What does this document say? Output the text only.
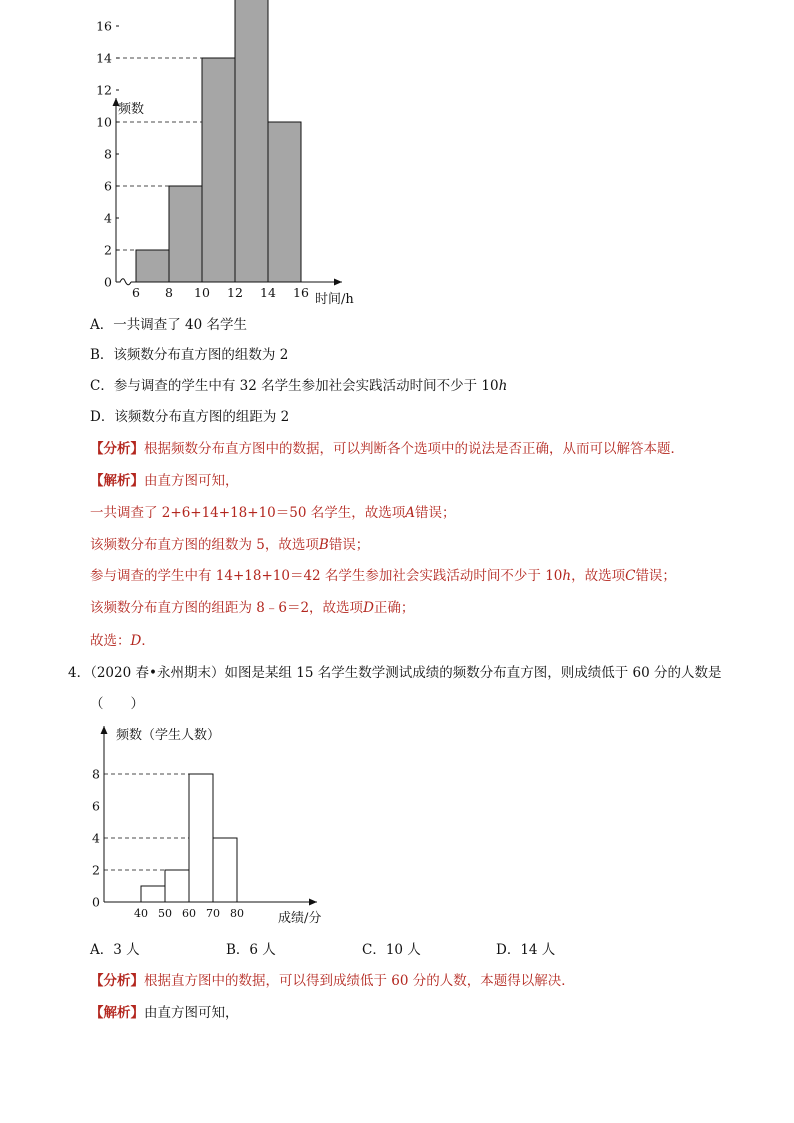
频数
时间/h
0
2
4
6
8
10
12
14
16
6 8 10 12 14 16
A．一共调查了 40 名学生
B．该频数分布直方图的组数为 2
C．参与调查的学生中有 32 名学生参加社会实践活动时间不少于 10h
D．该频数分布直方图的组距为 2
【分析】根据频数分布直方图中的数据，可以判断各个选项中的说法是否正确，从而可以解答本题．
【解析】由直方图可知，
一共调查了 2+6+14+18+10＝50 名学生，故选项A错误；
该频数分布直方图的组数为 5，故选项B错误；
参与调查的学生中有 14+18+10＝42 名学生参加社会实践活动时间不少于 10h，故选项C错误；
该频数分布直方图的组距为 8﹣6＝2，故选项D正确；
故选：D．
4．（2020 春•永州期末）如图是某组 15 名学生数学测试成绩的频数分布直方图，则成绩低于 60 分的人数是
（　　）
频数（学生人数）
成绩/分
0
2
4
6
8
40 50 60 70 80
A．3 人	B．6 人	C．10 人	D．14 人
【分析】根据直方图中的数据，可以得到成绩低于 60 分的人数，本题得以解决．
【解析】由直方图可知，
